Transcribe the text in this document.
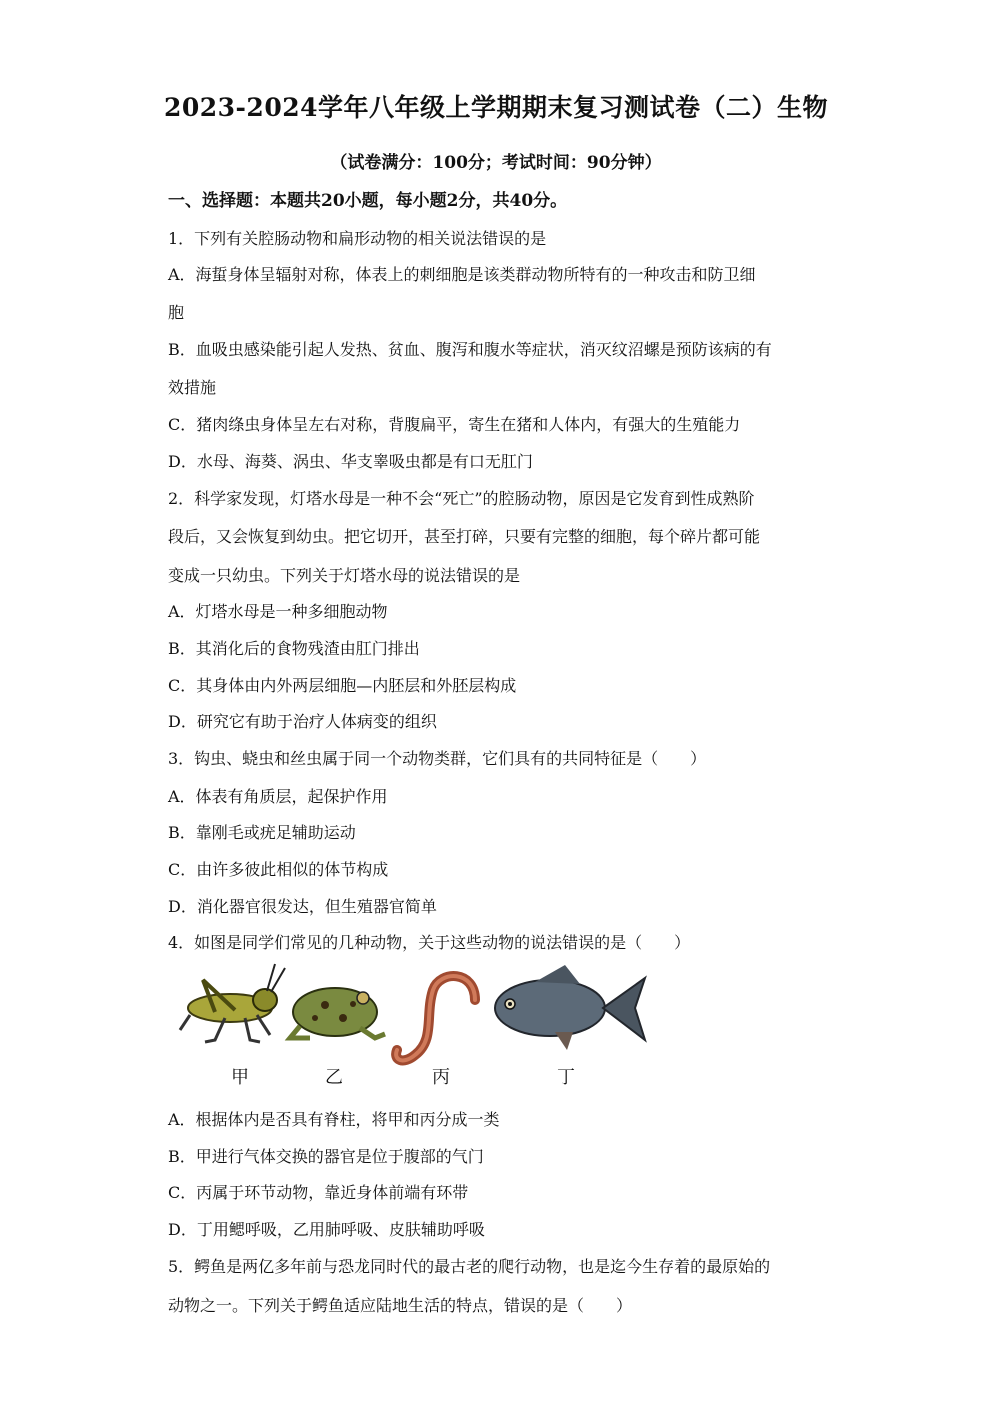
2023-2024学年八年级上学期期末复习测试卷（二）生物
（试卷满分：100分；考试时间：90分钟）
一、选择题：本题共20小题，每小题2分，共40分。
1．下列有关腔肠动物和扁形动物的相关说法错误的是
A．海蜇身体呈辐射对称，体表上的刺细胞是该类群动物所特有的一种攻击和防卫细
胞
B．血吸虫感染能引起人发热、贫血、腹泻和腹水等症状，消灭纹沼螺是预防该病的有
效措施
C．猪肉绦虫身体呈左右对称，背腹扁平，寄生在猪和人体内，有强大的生殖能力
D．水母、海葵、涡虫、华支睾吸虫都是有口无肛门
2．科学家发现，灯塔水母是一种不会“死亡”的腔肠动物，原因是它发育到性成熟阶
段后，又会恢复到幼虫。把它切开，甚至打碎，只要有完整的细胞，每个碎片都可能
变成一只幼虫。下列关于灯塔水母的说法错误的是
A．灯塔水母是一种多细胞动物
B．其消化后的食物残渣由肛门排出
C．其身体由内外两层细胞—内胚层和外胚层构成
D．研究它有助于治疗人体病变的组织
3．钩虫、蛲虫和丝虫属于同一个动物类群，它们具有的共同特征是（　　）
A．体表有角质层，起保护作用
B．靠刚毛或疣足辅助运动
C．由许多彼此相似的体节构成
D．消化器官很发达，但生殖器官简单
4．如图是同学们常见的几种动物，关于这些动物的说法错误的是（　　）
甲	乙	丙	丁
A．根据体内是否具有脊柱，将甲和丙分成一类
B．甲进行气体交换的器官是位于腹部的气门
C．丙属于环节动物，靠近身体前端有环带
D．丁用鳃呼吸，乙用肺呼吸、皮肤辅助呼吸
5．鳄鱼是两亿多年前与恐龙同时代的最古老的爬行动物，也是迄今生存着的最原始的
动物之一。下列关于鳄鱼适应陆地生活的特点，错误的是（　　）
